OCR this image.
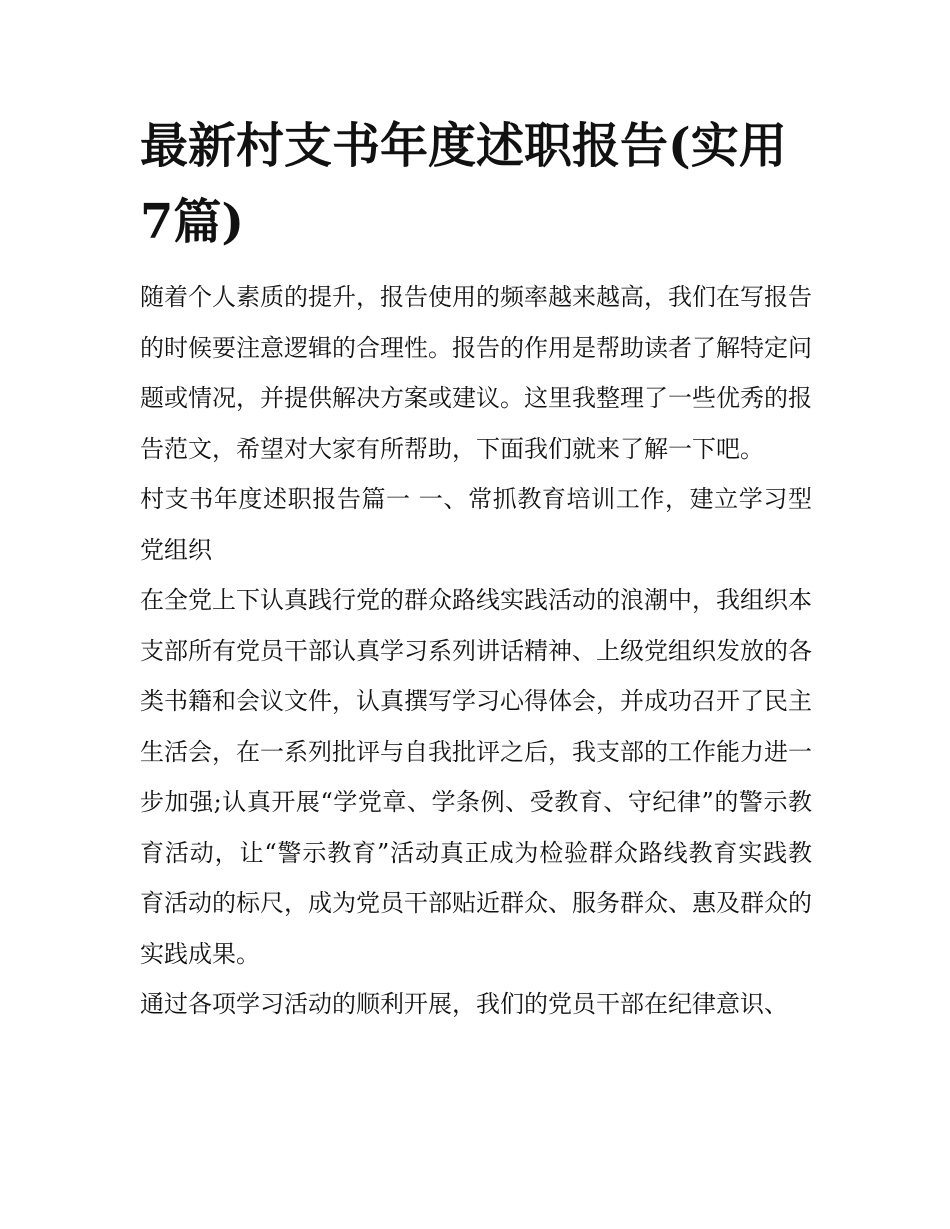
最新村支书年度述职报告(实用7篇)

随着个人素质的提升，报告使用的频率越来越高，我们在写报告的时候要注意逻辑的合理性。报告的作用是帮助读者了解特定问题或情况，并提供解决方案或建议。这里我整理了一些优秀的报告范文，希望对大家有所帮助，下面我们就来了解一下吧。

村支书年度述职报告篇一 一、常抓教育培训工作，建立学习型党组织

在全党上下认真践行党的群众路线实践活动的浪潮中，我组织本支部所有党员干部认真学习系列讲话精神、上级党组织发放的各类书籍和会议文件，认真撰写学习心得体会，并成功召开了民主生活会，在一系列批评与自我批评之后，我支部的工作能力进一步加强;认真开展“学党章、学条例、受教育、守纪律”的警示教育活动，让“警示教育”活动真正成为检验群众路线教育实践教育活动的标尺，成为党员干部贴近群众、服务群众、惠及群众的实践成果。

通过各项学习活动的顺利开展，我们的党员干部在纪律意识、
